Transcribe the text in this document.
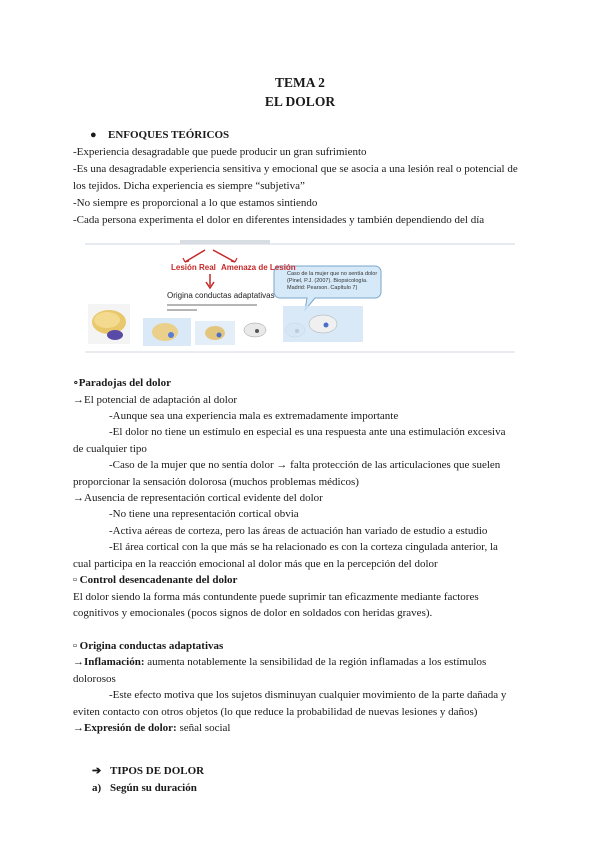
TEMA 2
EL DOLOR
● ENFOQUES TEÓRICOS
-Experiencia desagradable que puede producir un gran sufrimiento
-Es una desagradable experiencia sensitiva y emocional que se asocia a una lesión real o potencial de
los tejidos. Dicha experiencia es siempre “subjetiva”
-No siempre es proporcional a lo que estamos sintiendo
-Cada persona experimenta el dolor en diferentes intensidades y también dependiendo del día
Lesión Real Amenaza de Lesión
Origina conductas adaptativas
Caso de la mujer que no sentía dolor
(Pinel, P.J. (2007). Biopsicología.
Madrid: Pearson. Capítulo 7)
∘Paradojas del dolor
→El potencial de adaptación al dolor
-Aunque sea una experiencia mala es extremadamente importante
-El dolor no tiene un estímulo en especial es una respuesta ante una estimulación excesiva
de cualquier tipo
-Caso de la mujer que no sentía dolor → falta protección de las articulaciones que suelen
proporcionar la sensación dolorosa (muchos problemas médicos)
→Ausencia de representación cortical evidente del dolor
-No tiene una representación cortical obvia
-Activa aéreas de corteza, pero las áreas de actuación han variado de estudio a estudio
-El área cortical con la que más se ha relacionado es con la corteza cingulada anterior, la
cual participa en la reacción emocional al dolor más que en la percepción del dolor
▫ Control desencadenante del dolor
El dolor siendo la forma más contundente puede suprimir tan eficazmente mediante factores
cognitivos y emocionales (pocos signos de dolor en soldados con heridas graves).
▫ Origina conductas adaptativas
→Inflamación: aumenta notablemente la sensibilidad de la región inflamadas a los estímulos
dolorosos
-Este efecto motiva que los sujetos disminuyan cualquier movimiento de la parte dañada y
eviten contacto con otros objetos (lo que reduce la probabilidad de nuevas lesiones y daños)
→Expresión de dolor: señal social
➔ TIPOS DE DOLOR
a) Según su duración
